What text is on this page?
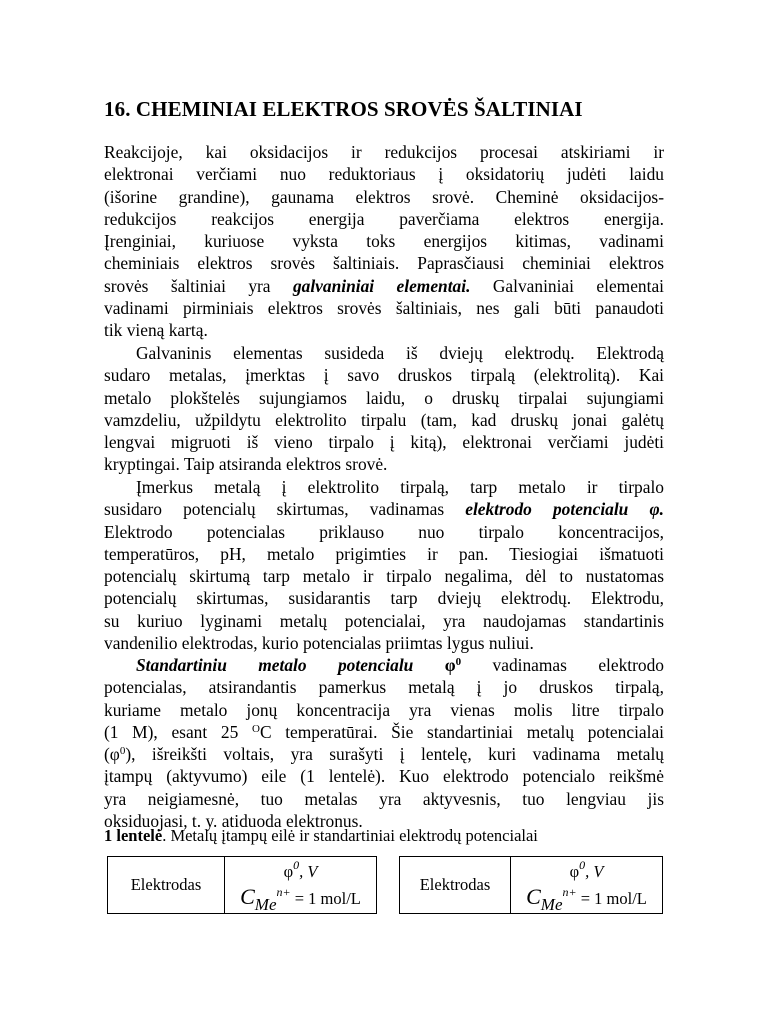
16. CHEMINIAI ELEKTROS SROVĖS ŠALTINIAI
Reakcijoje, kai oksidacijos ir redukcijos procesai atskiriami ir
elektronai verčiami nuo reduktoriaus į oksidatorių judėti laidu
(išorine grandine), gaunama elektros srovė. Cheminė oksidacijos-
redukcijos reakcijos energija paverčiama elektros energija.
Įrenginiai, kuriuose vyksta toks energijos kitimas, vadinami
cheminiais elektros srovės šaltiniais. Paprasčiausi cheminiai elektros
srovės šaltiniai yra galvaniniai elementai. Galvaniniai elementai
vadinami pirminiais elektros srovės šaltiniais, nes gali būti panaudoti
tik vieną kartą.
Galvaninis elementas susideda iš dviejų elektrodų. Elektrodą
sudaro metalas, įmerktas į savo druskos tirpalą (elektrolitą). Kai
metalo plokštelės sujungiamos laidu, o druskų tirpalai sujungiami
vamzdeliu, užpildytu elektrolito tirpalu (tam, kad druskų jonai galėtų
lengvai migruoti iš vieno tirpalo į kitą), elektronai verčiami judėti
kryptingai. Taip atsiranda elektros srovė.
Įmerkus metalą į elektrolito tirpalą, tarp metalo ir tirpalo
susidaro potencialų skirtumas, vadinamas elektrodo potencialu φ.
Elektrodo potencialas priklauso nuo tirpalo koncentracijos,
temperatūros, pH, metalo prigimties ir pan. Tiesiogiai išmatuoti
potencialų skirtumą tarp metalo ir tirpalo negalima, dėl to nustatomas
potencialų skirtumas, susidarantis tarp dviejų elektrodų. Elektrodu,
su kuriuo lyginami metalų potencialai, yra naudojamas standartinis
vandenilio elektrodas, kurio potencialas priimtas lygus nuliui.
Standartiniu metalo potencialu $\varphi^0$ vadinamas elektrodo
potencialas, atsirandantis pamerkus metalą į jo druskos tirpalą,
kuriame metalo jonų koncentracija yra vienas molis litre tirpalo
(1 M), esant 25 $^O$C temperatūrai. Šie standartiniai metalų potencialai
$(\varphi^0)$, išreikšti voltais, yra surašyti į lentelę, kuri vadinama metalų
įtampų (aktyvumo) eile (1 lentelė). Kuo elektrodo potencialo reikšmė
yra neigiamesnė, tuo metalas yra aktyvesnis, tuo lengviau jis
oksiduojasi, t. y. atiduoda elektronus.
1 lentelė. Metalų įtampų eilė ir standartiniai elektrodų potencialai
Elektrodas
$\varphi^0$, V
CMe$^{n+}$ = 1 mol/L
Elektrodas
$\varphi^0$, V
CMe$^{n+}$ = 1 mol/L
